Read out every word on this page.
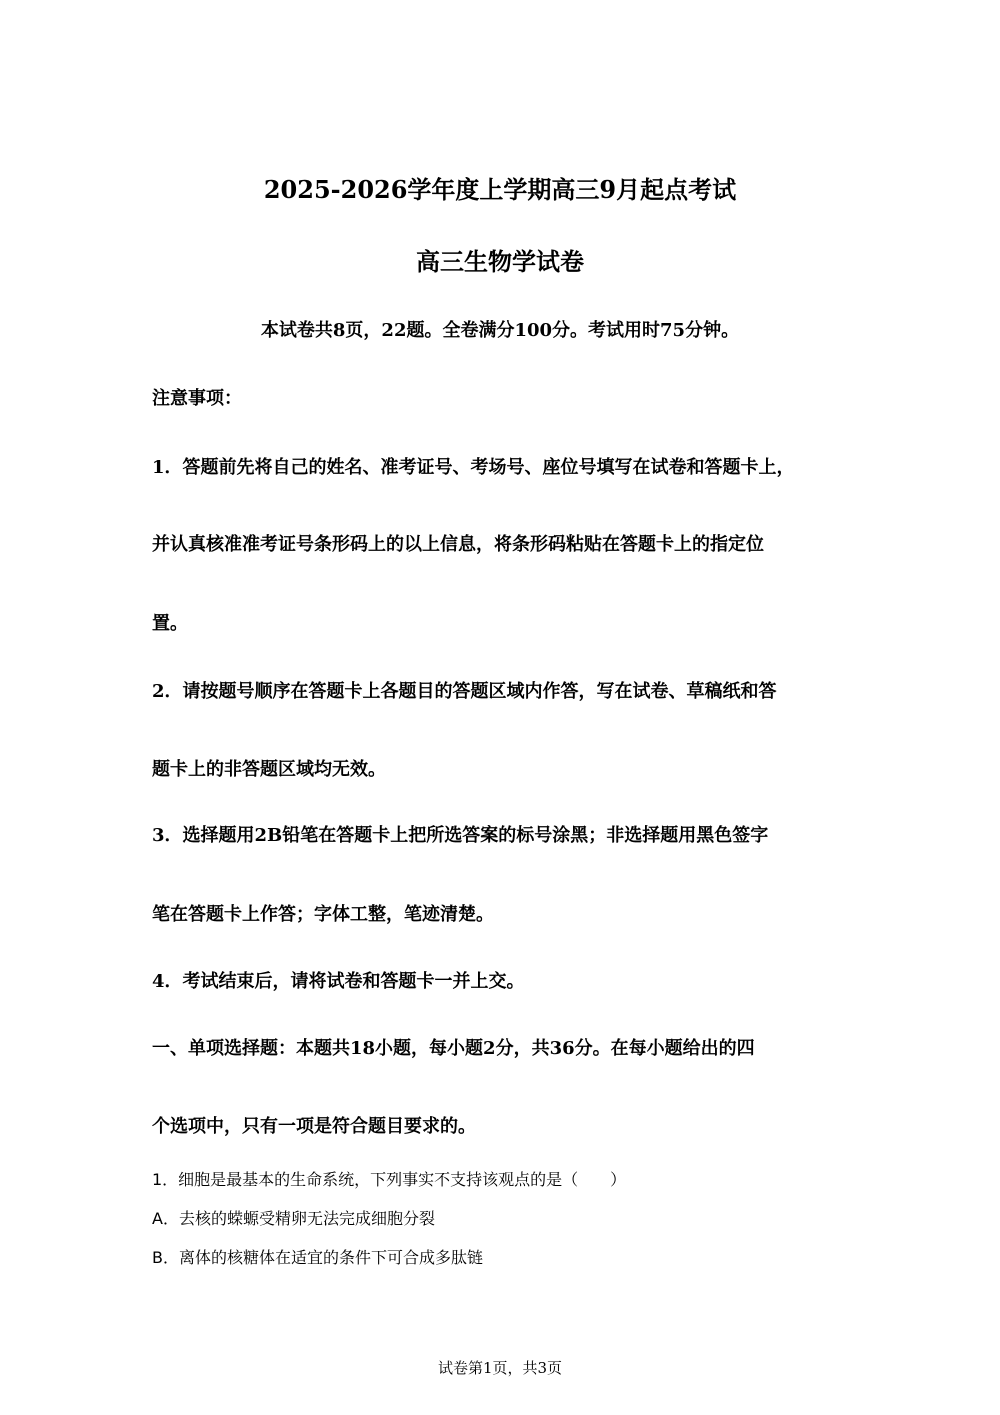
2025-2026学年度上学期高三9月起点考试
高三生物学试卷
本试卷共8页，22题。全卷满分100分。考试用时75分钟。
注意事项：
1．答题前先将自己的姓名、准考证号、考场号、座位号填写在试卷和答题卡上，
并认真核准准考证号条形码上的以上信息，将条形码粘贴在答题卡上的指定位
置。
2．请按题号顺序在答题卡上各题目的答题区域内作答，写在试卷、草稿纸和答
题卡上的非答题区域均无效。
3．选择题用2B铅笔在答题卡上把所选答案的标号涂黑；非选择题用黑色签字
笔在答题卡上作答；字体工整，笔迹清楚。
4．考试结束后，请将试卷和答题卡一并上交。
一、单项选择题：本题共18小题，每小题2分，共36分。在每小题给出的四
个选项中，只有一项是符合题目要求的。
1．细胞是最基本的生命系统，下列事实不支持该观点的是（　　）
A．去核的蝾螈受精卵无法完成细胞分裂
B．离体的核糖体在适宜的条件下可合成多肽链
试卷第1页，共3页
